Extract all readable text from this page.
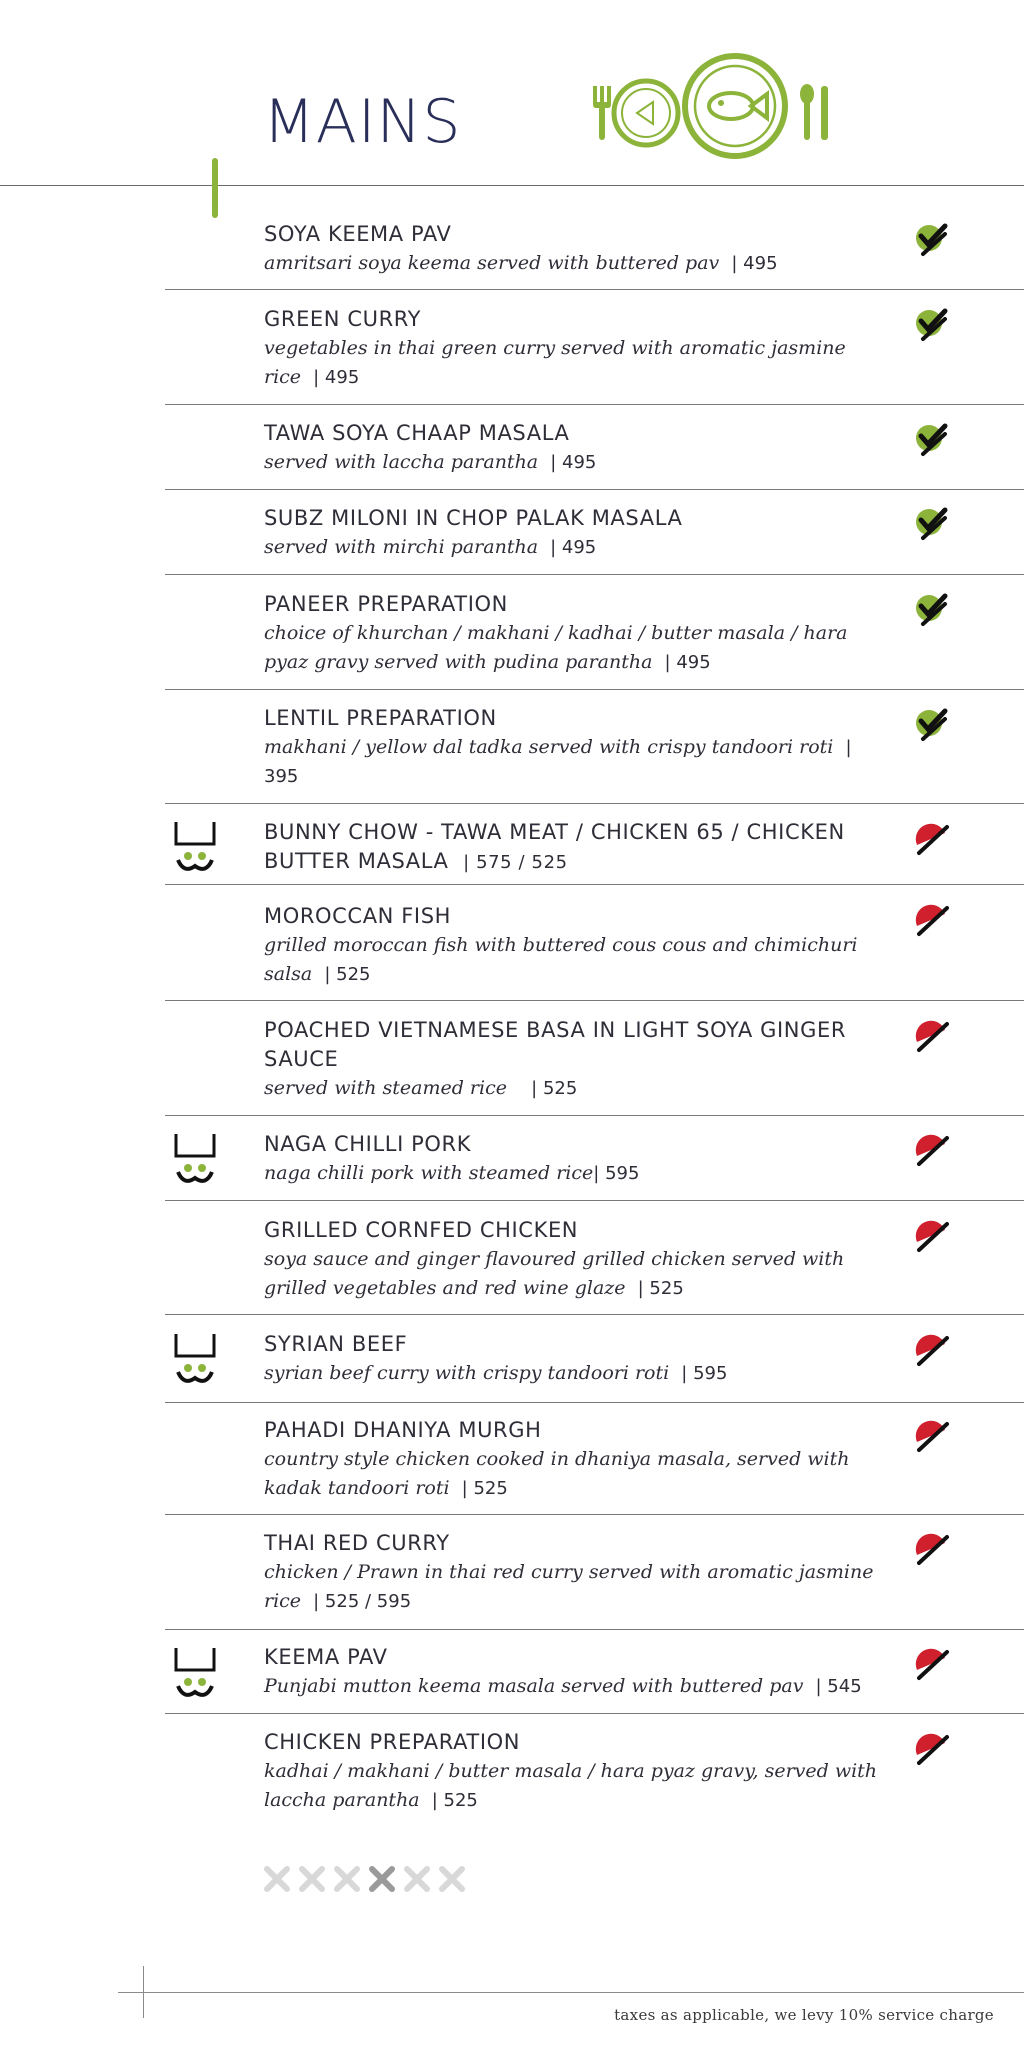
MAINS
SOYA KEEMA PAV
amritsari soya keema served with buttered pav | 495
GREEN CURRY
vegetables in thai green curry served with aromatic jasmine rice | 495
TAWA SOYA CHAAP MASALA
served with laccha parantha | 495
SUBZ MILONI IN CHOP PALAK MASALA
served with mirchi parantha | 495
PANEER PREPARATION
choice of khurchan / makhani / kadhai / butter masala / hara pyaz gravy served with pudina parantha | 495
LENTIL PREPARATION
makhani / yellow dal tadka served with crispy tandoori roti | 395
BUNNY CHOW - TAWA MEAT / CHICKEN 65 / CHICKEN BUTTER MASALA | 575 / 525
MOROCCAN FISH
grilled moroccan fish with buttered cous cous and chimichuri salsa | 525
POACHED VIETNAMESE BASA IN LIGHT SOYA GINGER SAUCE
served with steamed rice | 525
NAGA CHILLI PORK
naga chilli pork with steamed rice| 595
GRILLED CORNFED CHICKEN
soya sauce and ginger flavoured grilled chicken served with grilled vegetables and red wine glaze | 525
SYRIAN BEEF
syrian beef curry with crispy tandoori roti | 595
PAHADI DHANIYA MURGH
country style chicken cooked in dhaniya masala, served with kadak tandoori roti | 525
THAI RED CURRY
chicken / Prawn in thai red curry served with aromatic jasmine rice | 525 / 595
KEEMA PAV
Punjabi mutton keema masala served with buttered pav | 545
CHICKEN PREPARATION
kadhai / makhani / butter masala / hara pyaz gravy, served with laccha parantha | 525
taxes as applicable, we levy 10% service charge
